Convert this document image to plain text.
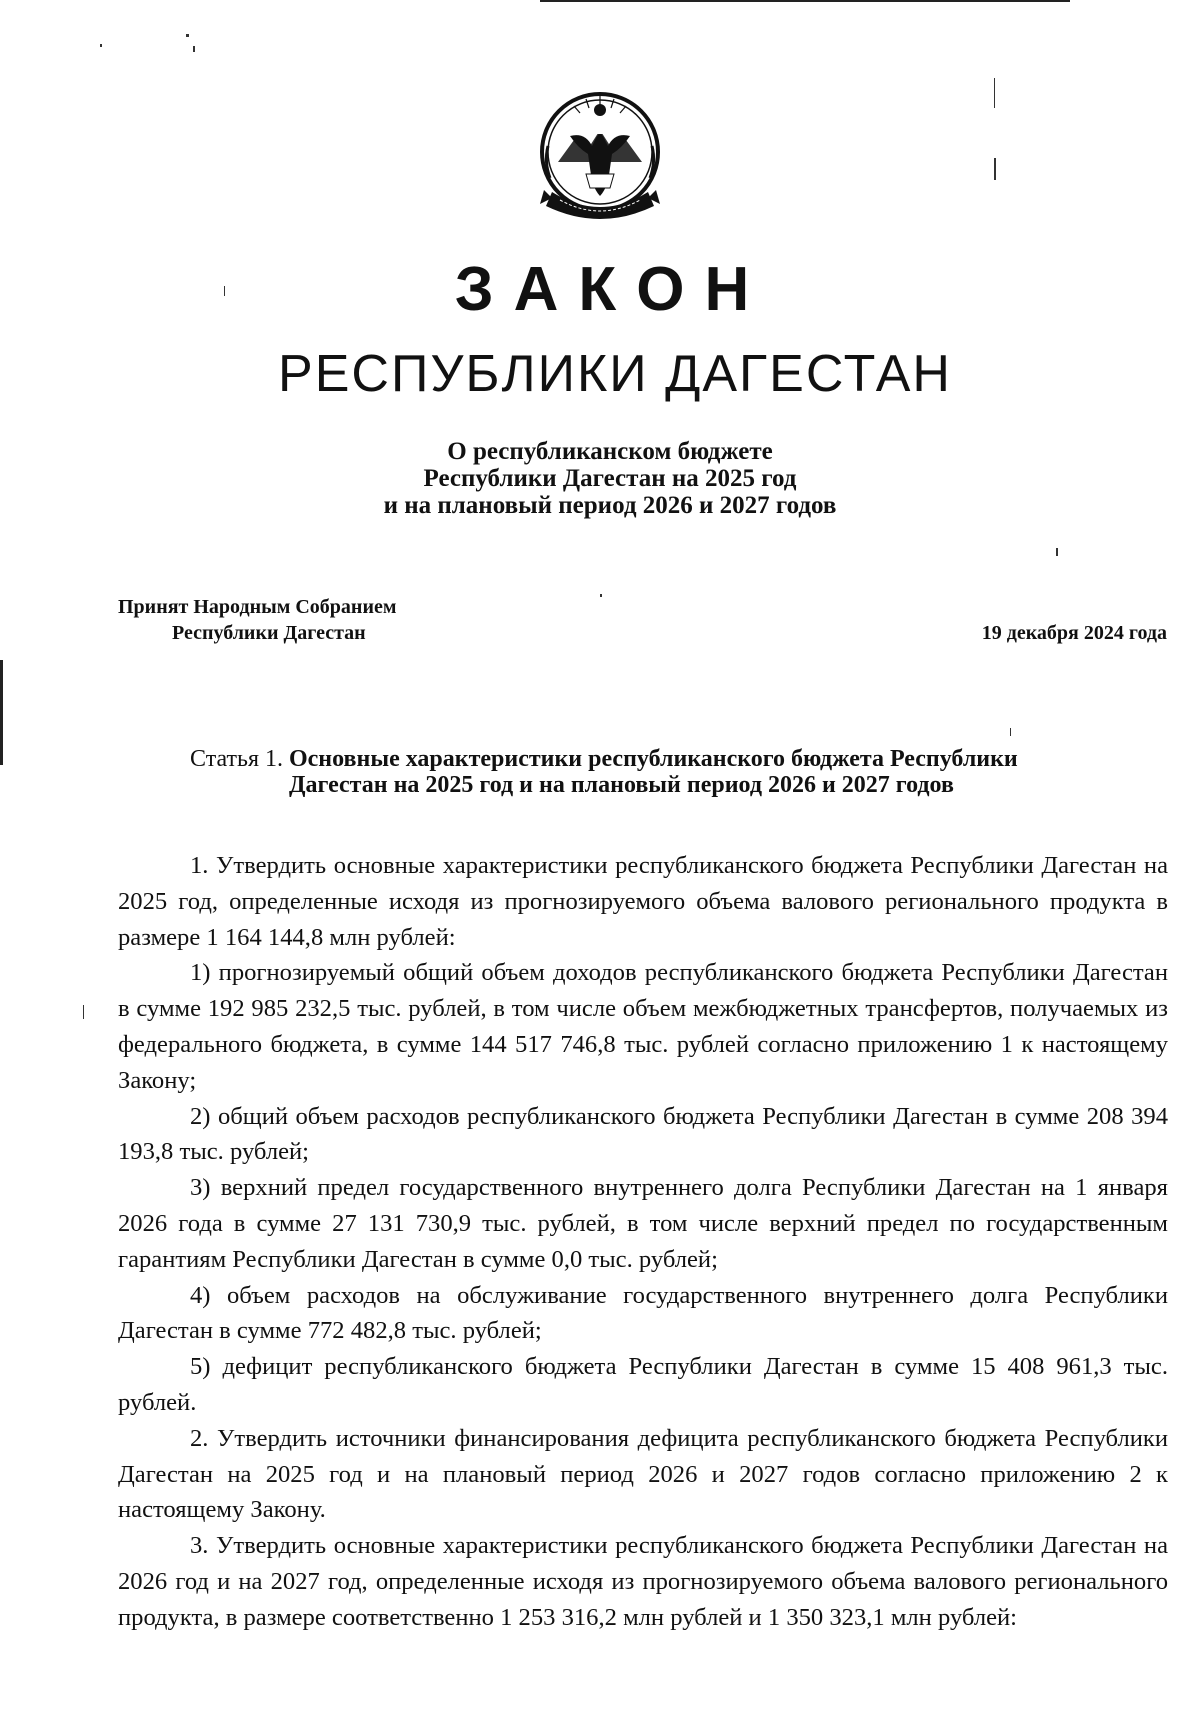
ЗАКОН
РЕСПУБЛИКИ ДАГЕСТАН
О республиканском бюджете
Республики Дагестан на 2025 год
и на плановый период 2026 и 2027 годов
Принят Народным Собранием
Республики Дагестан	19 декабря 2024 года
Статья 1. Основные характеристики республиканского бюджета Республики Дагестан на 2025 год и на плановый период 2026 и 2027 годов

1. Утвердить основные характеристики республиканского бюджета Республики Дагестан на 2025 год, определенные исходя из прогнозируемого объема валового регионального продукта в размере 1 164 144,8 млн рублей:

1) прогнозируемый общий объем доходов республиканского бюджета Республики Дагестан в сумме 192 985 232,5 тыс. рублей, в том числе объем межбюджетных трансфертов, получаемых из федерального бюджета, в сумме 144 517 746,8 тыс. рублей согласно приложению 1 к настоящему Закону;

2) общий объем расходов республиканского бюджета Республики Дагестан в сумме 208 394 193,8 тыс. рублей;

3) верхний предел государственного внутреннего долга Республики Дагестан на 1 января 2026 года в сумме 27 131 730,9 тыс. рублей, в том числе верхний предел по государственным гарантиям Республики Дагестан в сумме 0,0 тыс. рублей;

4) объем расходов на обслуживание государственного внутреннего долга Республики Дагестан в сумме 772 482,8 тыс. рублей;

5) дефицит республиканского бюджета Республики Дагестан в сумме 15 408 961,3 тыс. рублей.

2. Утвердить источники финансирования дефицита республиканского бюджета Республики Дагестан на 2025 год и на плановый период 2026 и 2027 годов согласно приложению 2 к настоящему Закону.

3. Утвердить основные характеристики республиканского бюджета Республики Дагестан на 2026 год и на 2027 год, определенные исходя из прогнозируемого объема валового регионального продукта, в размере соответственно 1 253 316,2 млн рублей и 1 350 323,1 млн рублей:
